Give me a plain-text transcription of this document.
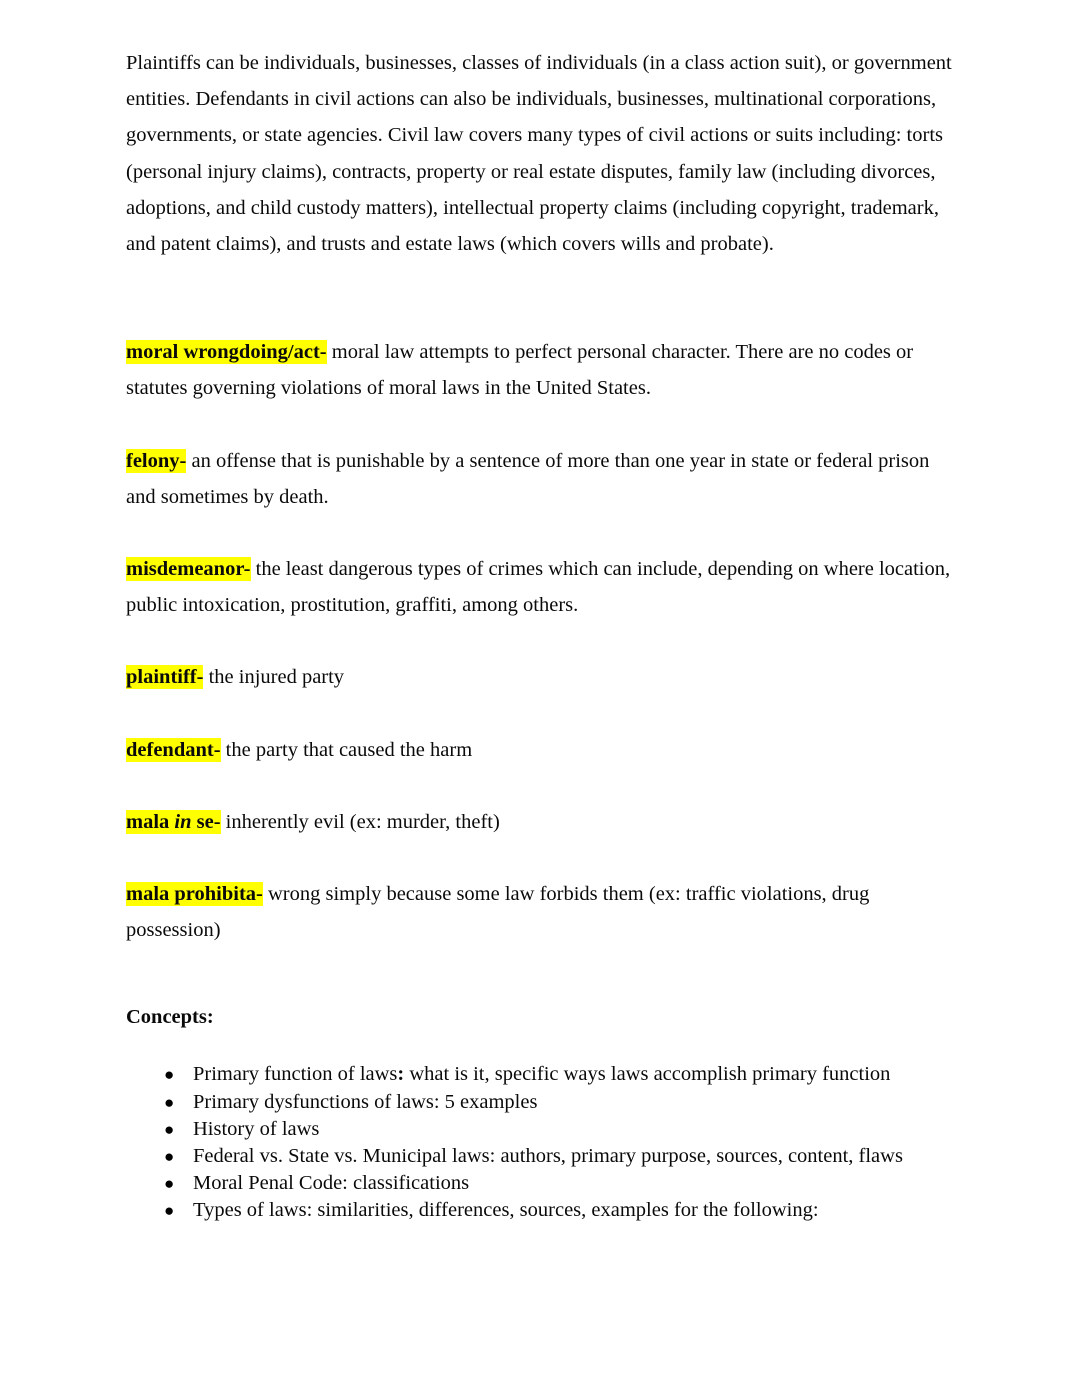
Plaintiffs can be individuals, businesses, classes of individuals (in a class action suit), or government entities. Defendants in civil actions can also be individuals, businesses, multinational corporations, governments, or state agencies. Civil law covers many types of civil actions or suits including: torts (personal injury claims), contracts, property or real estate disputes, family law (including divorces, adoptions, and child custody matters), intellectual property claims (including copyright, trademark, and patent claims), and trusts and estate laws (which covers wills and probate).

moral wrongdoing/act- moral law attempts to perfect personal character. There are no codes or statutes governing violations of moral laws in the United States.

felony- an offense that is punishable by a sentence of more than one year in state or federal prison and sometimes by death.

misdemeanor- the least dangerous types of crimes which can include, depending on where location, public intoxication, prostitution, graffiti, among others.

plaintiff- the injured party

defendant- the party that caused the harm

mala in se- inherently evil (ex: murder, theft)

mala prohibita- wrong simply because some law forbids them (ex: traffic violations, drug possession)

Concepts:
● Primary function of laws: what is it, specific ways laws accomplish primary function
● Primary dysfunctions of laws: 5 examples
● History of laws
● Federal vs. State vs. Municipal laws: authors, primary purpose, sources, content, flaws
● Moral Penal Code: classifications
● Types of laws: similarities, differences, sources, examples for the following:
